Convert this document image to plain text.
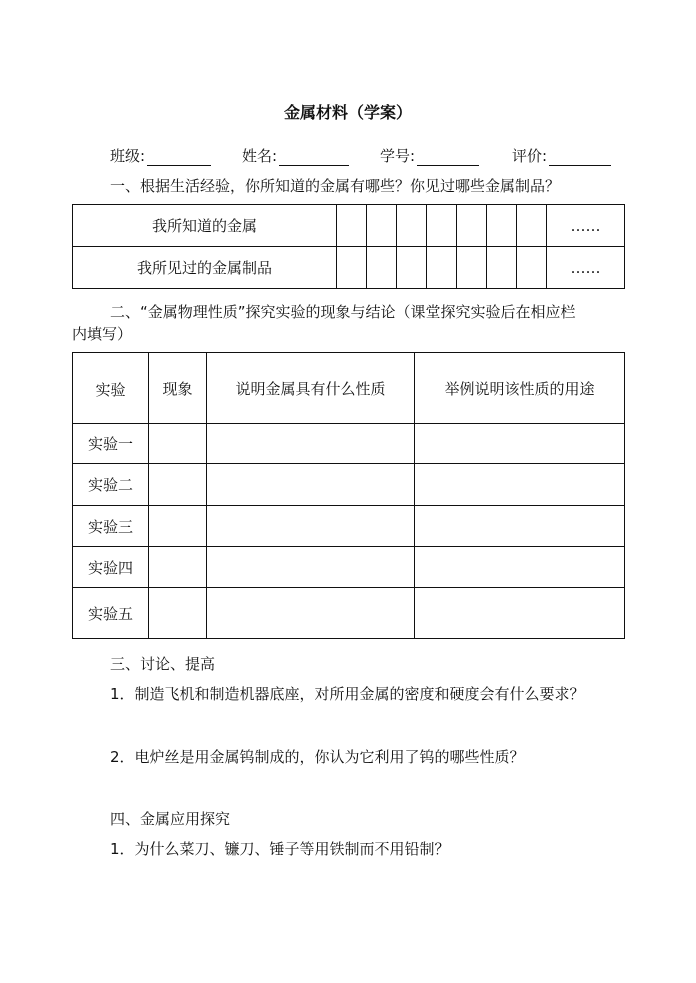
金属材料（学案）
班级:	姓名:	学号:	评价:
一、根据生活经验，你所知道的金属有哪些？你见过哪些金属制品？
我所知道的金属								……
我所见过的金属制品								……
二、“金属物理性质”探究实验的现象与结论（课堂探究实验后在相应栏
内填写）
实验	现象	说明金属具有什么性质	举例说明该性质的用途
实验一			
实验二			
实验三			
实验四			
实验五			
三、讨论、提高
1．制造飞机和制造机器底座，对所用金属的密度和硬度会有什么要求？
2．电炉丝是用金属钨制成的，你认为它利用了钨的哪些性质？
四、金属应用探究
1．为什么菜刀、镰刀、锤子等用铁制而不用铅制？
